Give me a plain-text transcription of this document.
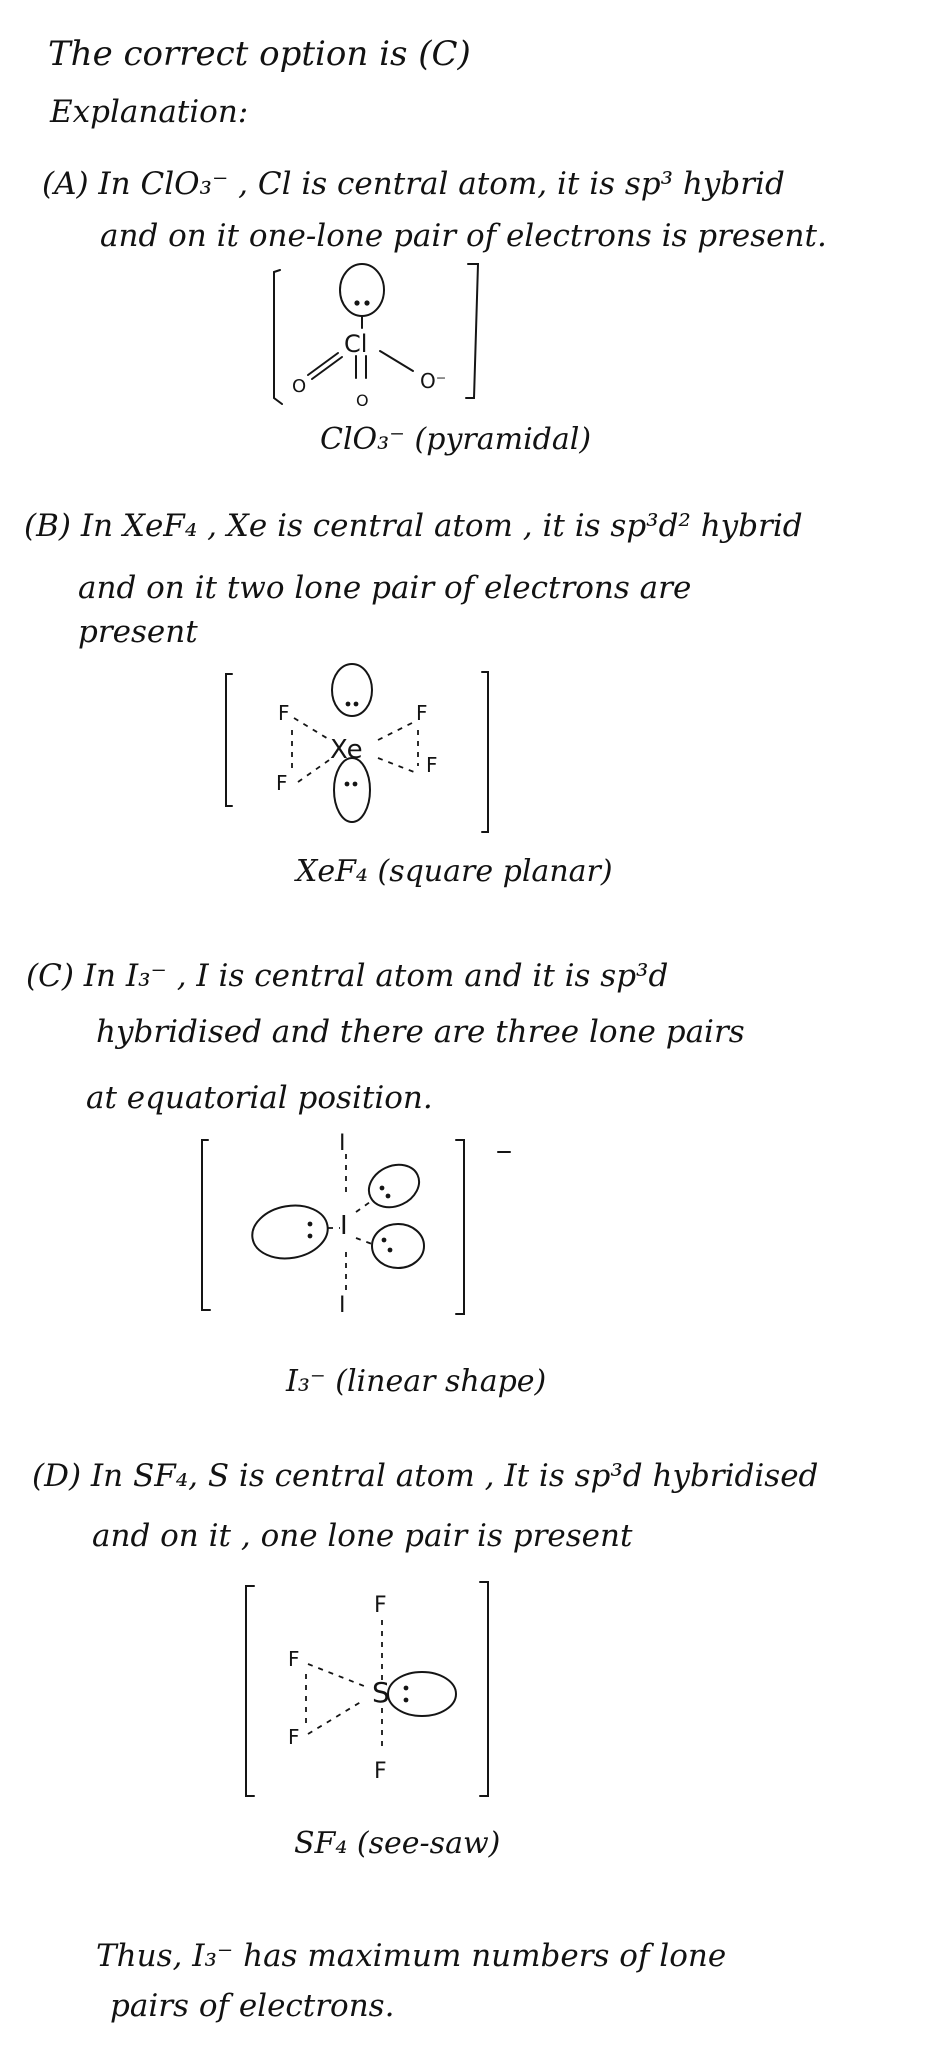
The correct option is (C)
Explanation:
(A) In ClO₃⁻ , Cl is central atom, it is sp³ hybrid
and on it one-lone pair of electrons is present.
Cl
O
O
O⁻
ClO₃⁻ (pyramidal)
(B) In XeF₄ , Xe is central atom , it is sp³d² hybrid
and on it two lone pair of electrons are
present
Xe
F	F
F
F
XeF₄ (square planar)
(C) In I₃⁻ , I is central atom and it is sp³d
hybridised and there are three lone pairs
at equatorial position.
I
I
I
I₃⁻ (linear shape)
(D) In SF₄, S is central atom , It is sp³d hybridised
and on it , one lone pair is present
F
F
S
F
F
SF₄ (see-saw)
Thus, I₃⁻ has maximum numbers of lone
pairs of electrons.
